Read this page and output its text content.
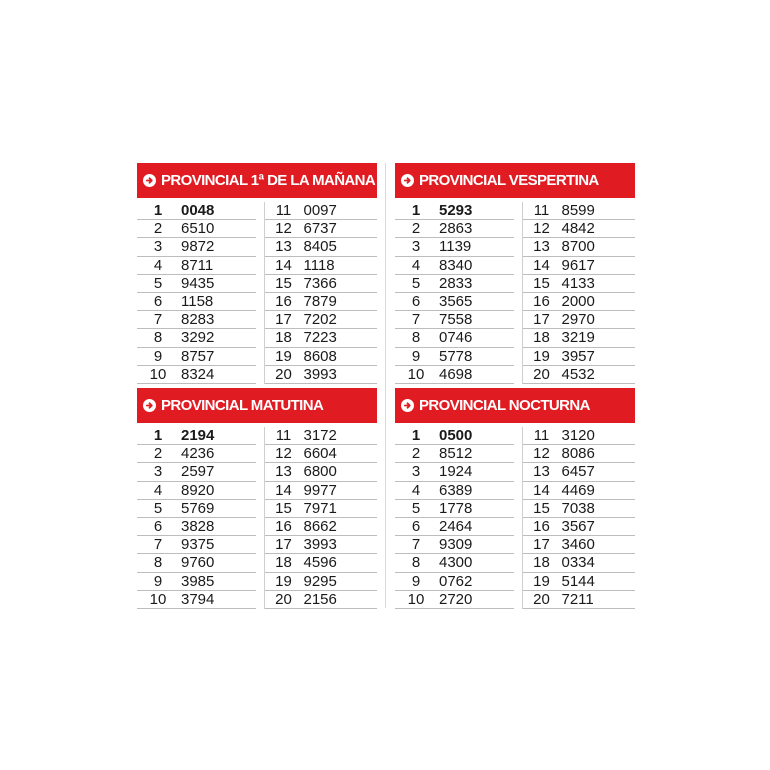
PROVINCIAL 1ª DE LA MAÑANA
1	0048
2	6510
3	9872
4	8711
5	9435
6	1158
7	8283
8	3292
9	8757
10 8324
11 0097
12 6737
13 8405
14 1118
15 7366
16 7879
17 7202
18 7223
19 8608
20 3993
PROVINCIAL VESPERTINA
1	5293
2	2863
3	1139
4	8340
5	2833
6	3565
7	7558
8	0746
9	5778
10 4698
11 8599
12 4842
13 8700
14 9617
15 4133
16 2000
17 2970
18 3219
19 3957
20 4532
PROVINCIAL MATUTINA
1	2194
2	4236
3	2597
4	8920
5	5769
6	3828
7	9375
8	9760
9	3985
10 3794
11 3172
12 6604
13 6800
14 9977
15 7971
16 8662
17 3993
18 4596
19 9295
20 2156
PROVINCIAL NOCTURNA
1	0500
2	8512
3	1924
4	6389
5	1778
6	2464
7	9309
8	4300
9	0762
10 2720
11 3120
12 8086
13 6457
14 4469
15 7038
16 3567
17 3460
18 0334
19 5144
20 7211
